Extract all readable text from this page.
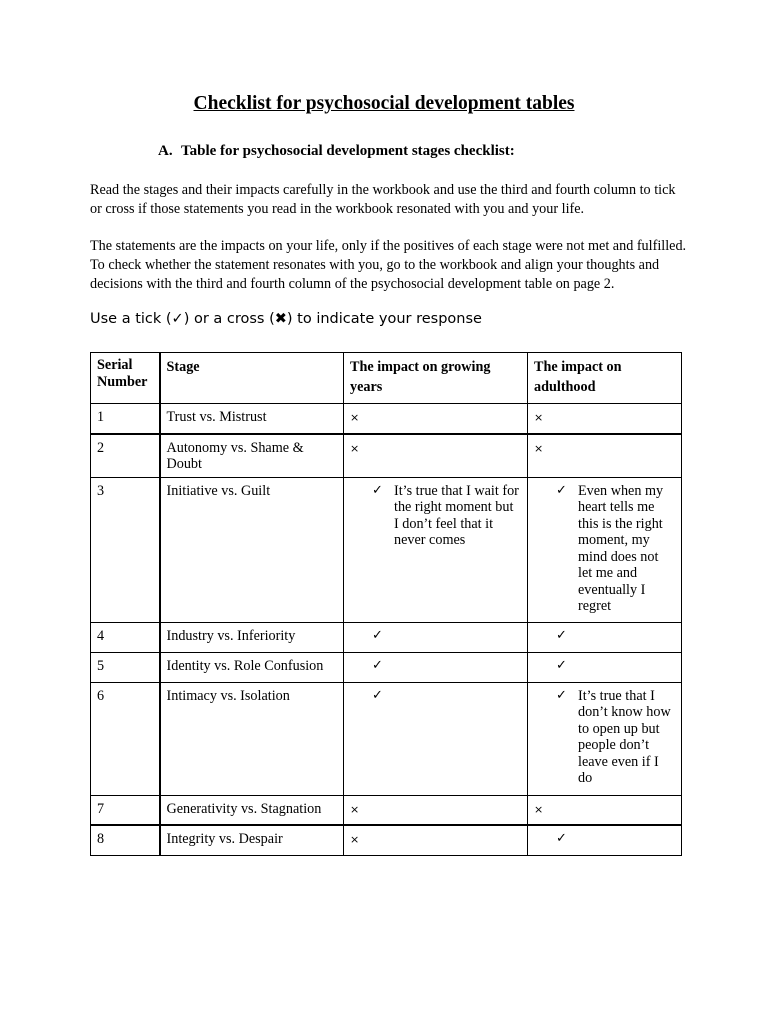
Checklist for psychosocial development tables
A. Table for psychosocial development stages checklist:

Read the stages and their impacts carefully in the workbook and use the third and fourth column to tick or cross if those statements you read in the workbook resonated with you and your life.

The statements are the impacts on your life, only if the positives of each stage were not met and fulfilled. To check whether the statement resonates with you, go to the workbook and align your thoughts and decisions with the third and fourth column of the psychosocial development table on page 2.

Use a tick (✓) or a cross (✖) to indicate your response

Serial Number	Stage	The impact on growing years	The impact on adulthood
1	Trust vs. Mistrust	×	×
2	Autonomy vs. Shame & Doubt	×	×
3	Initiative vs. Guilt	✓ It’s true that I wait for the right moment but I don’t feel that it never comes	✓ Even when my heart tells me this is the right moment, my mind does not let me and eventually I regret

4	Industry vs. Inferiority	✓	✓

5	Identity vs. Role Confusion	✓	✓

6	Intimacy vs. Isolation	✓	✓ It’s true that I don’t know how to open up but people don’t leave even if I do

7	Generativity vs. Stagnation	×	×
8	Integrity vs. Despair	×	✓
